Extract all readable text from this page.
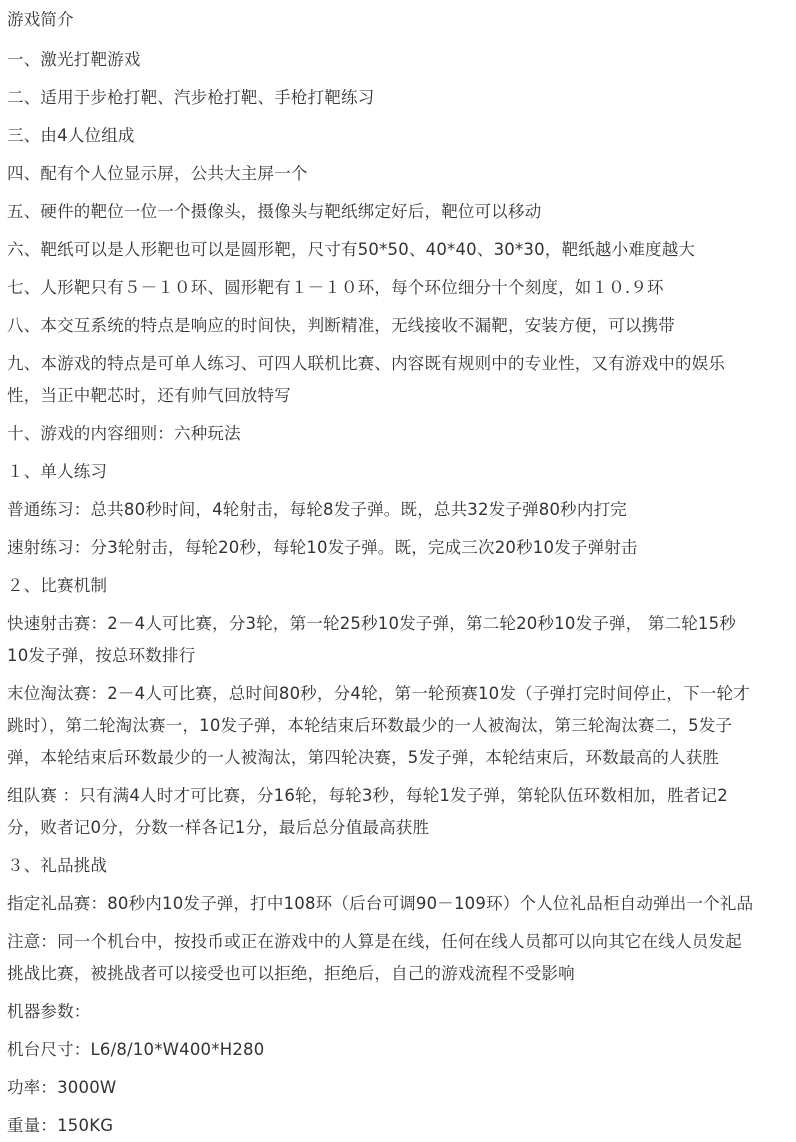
游戏简介
一、激光打靶游戏
二、适用于步枪打靶、汽步枪打靶、手枪打靶练习
三、由4人位组成
四、配有个人位显示屏，公共大主屏一个
五、硬件的靶位一位一个摄像头，摄像头与靶纸绑定好后，靶位可以移动
六、靶纸可以是人形靶也可以是圆形靶，尺寸有50*50、40*40、30*30，靶纸越小难度越大
七、人形靶只有５－１０环、圆形靶有１－１０环，每个环位细分十个刻度，如１０.９环
八、本交互系统的特点是响应的时间快，判断精准，无线接收不漏靶，安装方便，可以携带
九、本游戏的特点是可单人练习、可四人联机比赛、内容既有规则中的专业性，又有游戏中的娱乐
性，当正中靶芯时，还有帅气回放特写
十、游戏的内容细则：六种玩法
１、单人练习
普通练习：总共80秒时间，4轮射击，每轮8发子弹。既，总共32发子弹80秒内打完
速射练习：分3轮射击，每轮20秒，每轮10发子弹。既，完成三次20秒10发子弹射击
２、比赛机制
快速射击赛：2－4人可比赛，分3轮，第一轮25秒10发子弹，第二轮20秒10发子弹， 第二轮15秒
10发子弹，按总环数排行
末位淘汰赛：2－4人可比赛，总时间80秒，分4轮，第一轮预赛10发（子弹打完时间停止，下一轮才
跳时），第二轮淘汰赛一，10发子弹，本轮结束后环数最少的一人被淘汰，第三轮淘汰赛二，5发子
弹，本轮结束后环数最少的一人被淘汰，第四轮决赛，5发子弹，本轮结束后，环数最高的人获胜
组队赛 ：只有满4人时才可比赛，分16轮，每轮3秒，每轮1发子弹，第轮队伍环数相加，胜者记2
分，败者记0分，分数一样各记1分，最后总分值最高获胜
３、礼品挑战
指定礼品赛：80秒内10发子弹，打中108环（后台可调90－109环）个人位礼品柜自动弹出一个礼品
注意：同一个机台中，按投币或正在游戏中的人算是在线，任何在线人员都可以向其它在线人员发起
挑战比赛，被挑战者可以接受也可以拒绝，拒绝后，自己的游戏流程不受影响
机器参数：
机台尺寸：L6/8/10*W400*H280
功率：3000W
重量：150KG
